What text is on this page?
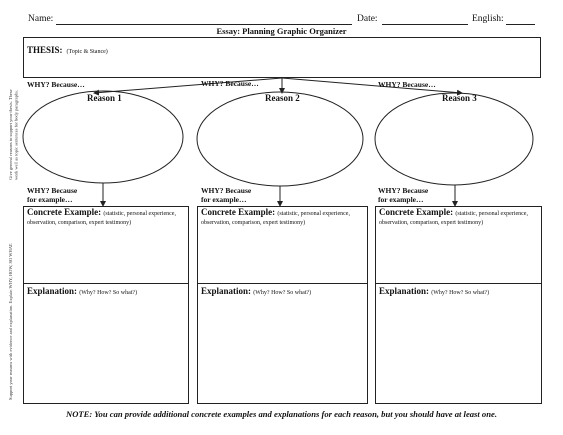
Name:	Date:	English:
Essay: Planning Graphic Organizer
THESIS: (Topic & Stance)
Give general reasons to support your thesis. These work well as topic sentences for body paragraphs.
Support your reasons with evidence and explanation. Explain WHY, HOW, SO WHAT.
WHY? Because…	WHY? Because…	WHY? Because…
Reason 1	Reason 2	Reason 3
WHY? Because
for example…
WHY? Because
for example…
WHY? Because
for example…
Concrete Example: (statistic, personal experience, observation, comparison, expert testimony)
Explanation: (Why? How? So what?)
Concrete Example: (statistic, personal experience, observation, comparison, expert testimony)
Explanation: (Why? How? So what?)
Concrete Example: (statistic, personal experience, observation, comparison, expert testimony)
Explanation: (Why? How? So what?)
NOTE: You can provide additional concrete examples and explanations for each reason, but you should have at least one.
